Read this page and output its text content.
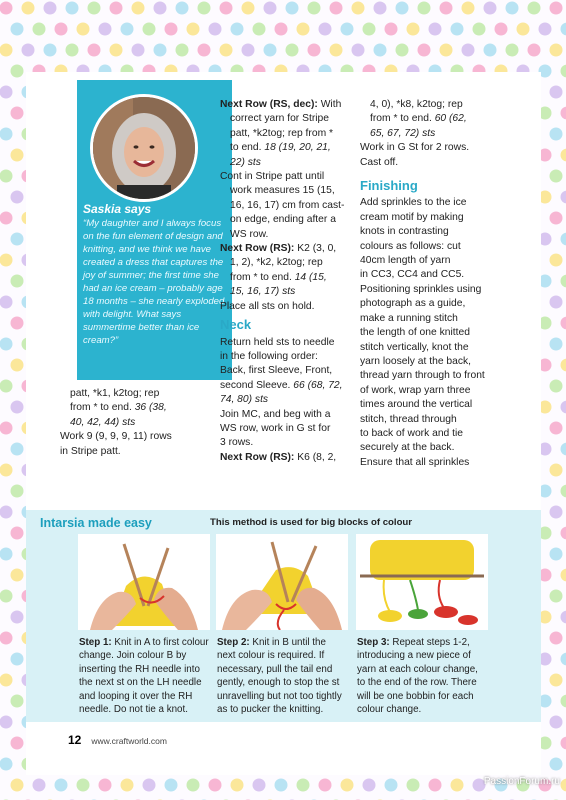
Saskia says
“My daughter and I always focus on the fun element of design and knitting, and we think we have created a dress that captures the joy of summer; the first time she had an ice cream – probably age 18 months – she nearly exploded with delight. What says summertime better than ice cream?”

patt, *k1, k2tog; rep

from * to end. 36 (38,

40, 42, 44) sts

Work 9 (9, 9, 9, 11) rows

in Stripe patt.

Next Row (RS, dec): With

correct yarn for Stripe

patt, *k2tog; rep from *

to end. 18 (19, 20, 21,

22) sts

Cont in Stripe patt until

work measures 15 (15,

16, 16, 17) cm from cast-

on edge, ending after a

WS row.

Next Row (RS): K2 (3, 0,

1, 2), *k2, k2tog; rep

from * to end. 14 (15,

15, 16, 17) sts

Place all sts on hold.

Neck

Return held sts to needle

in the following order:

Back, first Sleeve, Front,

second Sleeve. 66 (68, 72,

74, 80) sts

Join MC, and beg with a

WS row, work in G st for

3 rows.

Next Row (RS): K6 (8, 2,

4, 0), *k8, k2tog; rep

from * to end. 60 (62,

65, 67, 72) sts

Work in G St for 2 rows.

Cast off.

Finishing

Add sprinkles to the ice

cream motif by making

knots in contrasting

colours as follows: cut

40cm length of yarn

in CC3, CC4 and CC5.

Positioning sprinkles using

photograph as a guide,

make a running stitch

the length of one knitted

stitch vertically, knot the

yarn loosely at the back,

thread yarn through to front

of work, wrap yarn three

times around the vertical

stitch, thread through

to back of work and tie

securely at the back.

Ensure that all sprinkles

Intarsia made easy	This method is used for big blocks of colour
Step 1: Knit in A to first colour change. Join colour B by inserting the RH needle into the next st on the LH needle and looping it over the RH needle. Do not tie a knot.
Step 2: Knit in B until the next colour is required. If necessary, pull the tail end gently, enough to stop the st unravelling but not too tightly as to pucker the knitting.
Step 3: Repeat steps 1-2, introducing a new piece of yarn at each colour change, to the end of the row. There will be one bobbin for each colour change.
12 www.craftworld.com
PassionForum.ru
